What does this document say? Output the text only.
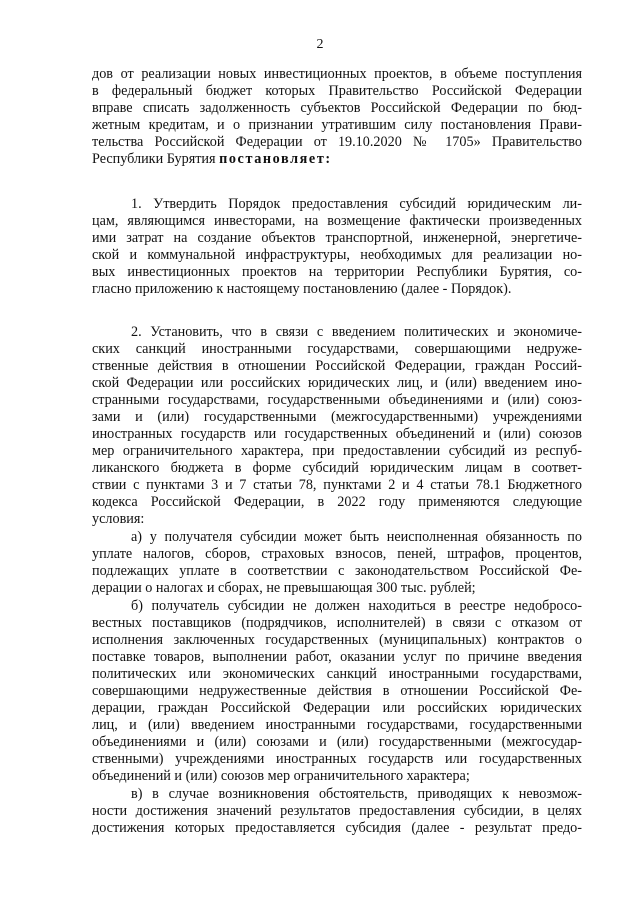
2
дов от реализации новых инвестиционных проектов, в объеме поступления
в федеральный бюджет которых Правительство Российской Федерации
вправе списать задолженность субъектов Российской Федерации по бюд-
жетным кредитам, и о признании утратившим силу постановления Прави-
тельства Российской Федерации от 19.10.2020 № 1705» Правительство
Республики Бурятия постановляет:
1. Утвердить Порядок предоставления субсидий юридическим ли-
цам, являющимся инвесторами, на возмещение фактически произведенных
ими затрат на создание объектов транспортной, инженерной, энергетиче-
ской и коммунальной инфраструктуры, необходимых для реализации но-
вых инвестиционных проектов на территории Республики Бурятия, со-
гласно приложению к настоящему постановлению (далее - Порядок).
2. Установить, что в связи с введением политических и экономиче-
ских санкций иностранными государствами, совершающими недруже-
ственные действия в отношении Российской Федерации, граждан Россий-
ской Федерации или российских юридических лиц, и (или) введением ино-
странными государствами, государственными объединениями и (или) союз-
зами и (или) государственными (межгосударственными) учреждениями
иностранных государств или государственных объединений и (или) союзов
мер ограничительного характера, при предоставлении субсидий из респуб-
ликанского бюджета в форме субсидий юридическим лицам в соответ-
ствии с пунктами 3 и 7 статьи 78, пунктами 2 и 4 статьи 78.1 Бюджетного
кодекса Российской Федерации, в 2022 году применяются следующие
условия:
а) у получателя субсидии может быть неисполненная обязанность по
уплате налогов, сборов, страховых взносов, пеней, штрафов, процентов,
подлежащих уплате в соответствии с законодательством Российской Фе-
дерации о налогах и сборах, не превышающая 300 тыс. рублей;
б) получатель субсидии не должен находиться в реестре недобросо-
вестных поставщиков (подрядчиков, исполнителей) в связи с отказом от
исполнения заключенных государственных (муниципальных) контрактов о
поставке товаров, выполнении работ, оказании услуг по причине введения
политических или экономических санкций иностранными государствами,
совершающими недружественные действия в отношении Российской Фе-
дерации, граждан Российской Федерации или российских юридических
лиц, и (или) введением иностранными государствами, государственными
объединениями и (или) союзами и (или) государственными (межгосудар-
ственными) учреждениями иностранных государств или государственных
объединений и (или) союзов мер ограничительного характера;
в) в случае возникновения обстоятельств, приводящих к невозмож-
ности достижения значений результатов предоставления субсидии, в целях
достижения которых предоставляется субсидия (далее - результат предо-
